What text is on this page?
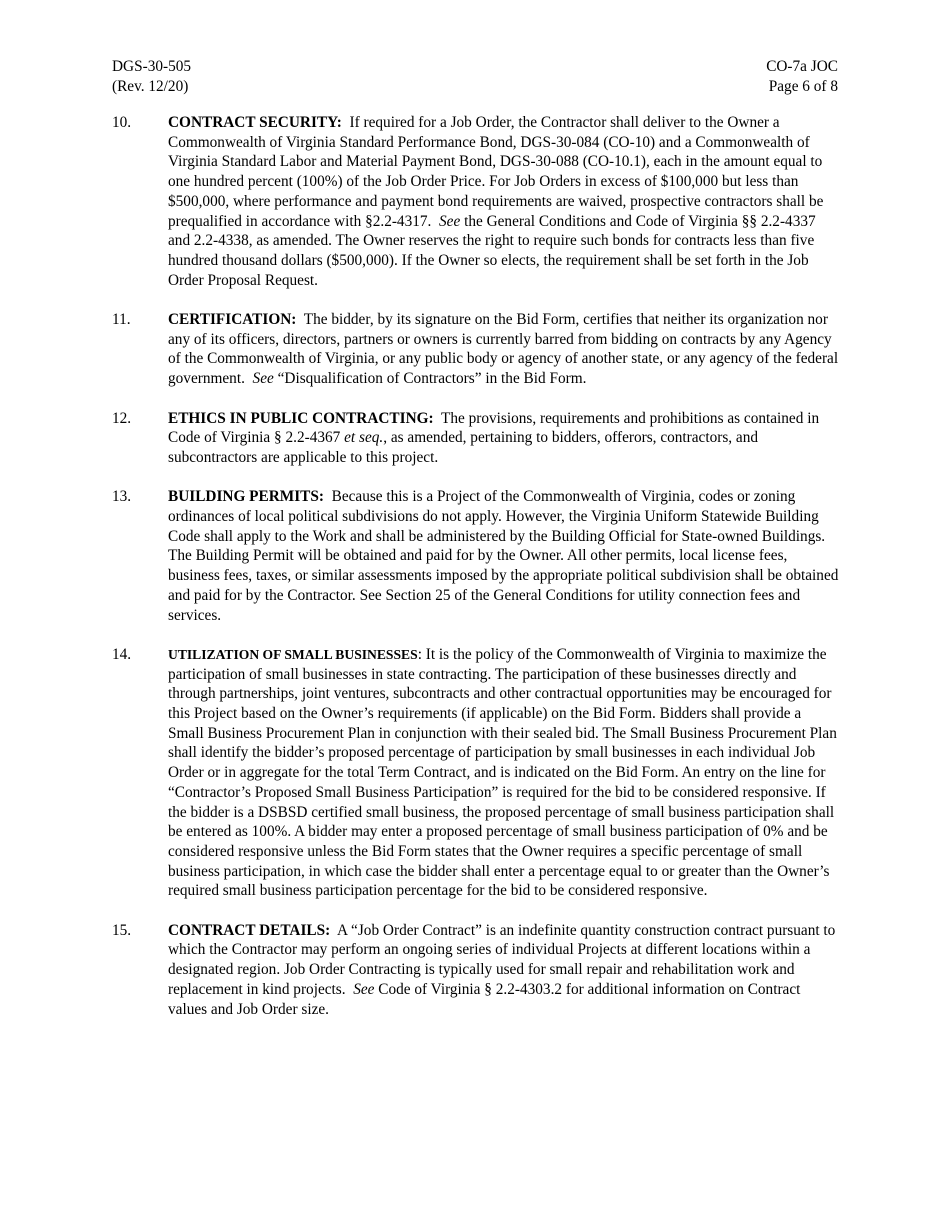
DGS-30-505
(Rev. 12/20)
CO-7a JOC
Page 6 of 8
10.	CONTRACT SECURITY: If required for a Job Order, the Contractor shall deliver to the Owner a Commonwealth of Virginia Standard Performance Bond, DGS-30-084 (CO-10) and a Commonwealth of Virginia Standard Labor and Material Payment Bond, DGS-30-088 (CO-10.1), each in the amount equal to one hundred percent (100%) of the Job Order Price. For Job Orders in excess of $100,000 but less than $500,000, where performance and payment bond requirements are waived, prospective contractors shall be prequalified in accordance with §2.2-4317. See the General Conditions and Code of Virginia §§ 2.2-4337 and 2.2-4338, as amended. The Owner reserves the right to require such bonds for contracts less than five hundred thousand dollars ($500,000). If the Owner so elects, the requirement shall be set forth in the Job Order Proposal Request.
11.	CERTIFICATION: The bidder, by its signature on the Bid Form, certifies that neither its organization nor any of its officers, directors, partners or owners is currently barred from bidding on contracts by any Agency of the Commonwealth of Virginia, or any public body or agency of another state, or any agency of the federal government. See “Disqualification of Contractors” in the Bid Form.
12.	ETHICS IN PUBLIC CONTRACTING: The provisions, requirements and prohibitions as contained in Code of Virginia § 2.2-4367 et seq., as amended, pertaining to bidders, offerors, contractors, and subcontractors are applicable to this project.
13.	BUILDING PERMITS: Because this is a Project of the Commonwealth of Virginia, codes or zoning ordinances of local political subdivisions do not apply. However, the Virginia Uniform Statewide Building Code shall apply to the Work and shall be administered by the Building Official for State-owned Buildings. The Building Permit will be obtained and paid for by the Owner. All other permits, local license fees, business fees, taxes, or similar assessments imposed by the appropriate political subdivision shall be obtained and paid for by the Contractor. See Section 25 of the General Conditions for utility connection fees and services.
14.	UTILIZATION OF SMALL BUSINESSES: It is the policy of the Commonwealth of Virginia to maximize the participation of small businesses in state contracting. The participation of these businesses directly and through partnerships, joint ventures, subcontracts and other contractual opportunities may be encouraged for this Project based on the Owner’s requirements (if applicable) on the Bid Form. Bidders shall provide a Small Business Procurement Plan in conjunction with their sealed bid. The Small Business Procurement Plan shall identify the bidder’s proposed percentage of participation by small businesses in each individual Job Order or in aggregate for the total Term Contract, and is indicated on the Bid Form. An entry on the line for “Contractor’s Proposed Small Business Participation” is required for the bid to be considered responsive. If the bidder is a DSBSD certified small business, the proposed percentage of small business participation shall be entered as 100%. A bidder may enter a proposed percentage of small business participation of 0% and be considered responsive unless the Bid Form states that the Owner requires a specific percentage of small business participation, in which case the bidder shall enter a percentage equal to or greater than the Owner’s required small business participation percentage for the bid to be considered responsive.
15.	CONTRACT DETAILS: A “Job Order Contract” is an indefinite quantity construction contract pursuant to which the Contractor may perform an ongoing series of individual Projects at different locations within a designated region. Job Order Contracting is typically used for small repair and rehabilitation work and replacement in kind projects. See Code of Virginia § 2.2-4303.2 for additional information on Contract values and Job Order size.
